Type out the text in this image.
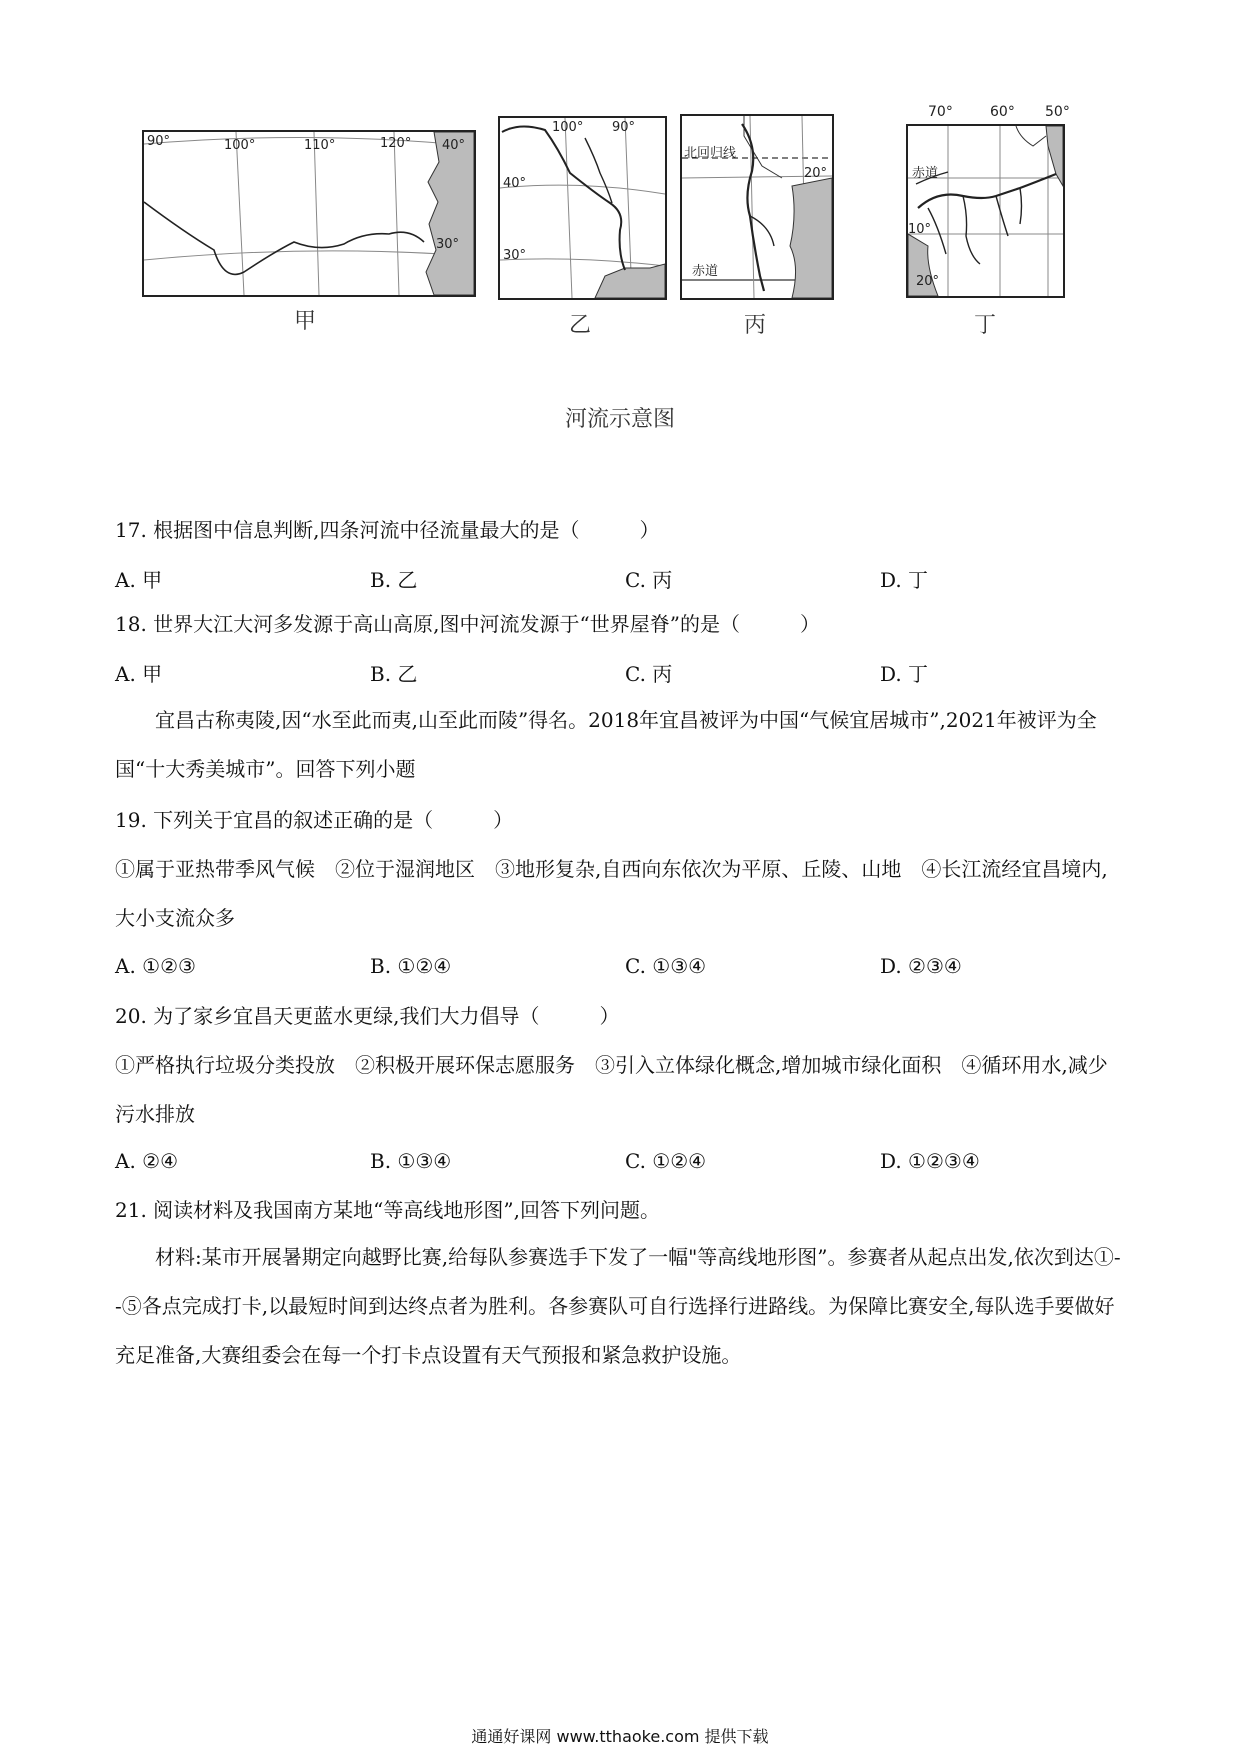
90°	100°	110°	120° 40°
30°
甲
100° 90°
40°
30°
乙
北回归线
20°
赤道
丙
赤道
10°
20°
70°	60° 50°
丁
河流示意图
17. 根据图中信息判断,四条河流中径流量最大的是（　　　）
A. 甲	B. 乙	C. 丙	D. 丁
18. 世界大江大河多发源于高山高原,图中河流发源于“世界屋脊”的是（　　　）
A. 甲	B. 乙	C. 丙	D. 丁
宜昌古称夷陵,因“水至此而夷,山至此而陵”得名。2018年宜昌被评为中国“气候宜居城市”,2021年被评为全国“十大秀美城市”。回答下列小题
19. 下列关于宜昌的叙述正确的是（　　　）
①属于亚热带季风气候　②位于湿润地区　③地形复杂,自西向东依次为平原、丘陵、山地　④长江流经宜昌境内,大小支流众多
A. ①②③	B. ①②④	C. ①③④	D. ②③④
20. 为了家乡宜昌天更蓝水更绿,我们大力倡导（　　　）
①严格执行垃圾分类投放　②积极开展环保志愿服务　③引入立体绿化概念,增加城市绿化面积　④循环用水,减少污水排放
A. ②④	B. ①③④	C. ①②④	D. ①②③④
21. 阅读材料及我国南方某地“等高线地形图”,回答下列问题。
材料:某市开展暑期定向越野比赛,给每队参赛选手下发了一幅"等高线地形图”。参赛者从起点出发,依次到达①--⑤各点完成打卡,以最短时间到达终点者为胜利。各参赛队可自行选择行进路线。为保障比赛安全,每队选手要做好充足准备,大赛组委会在每一个打卡点设置有天气预报和紧急救护设施。
通通好课网 www.tthaoke.com 提供下载
